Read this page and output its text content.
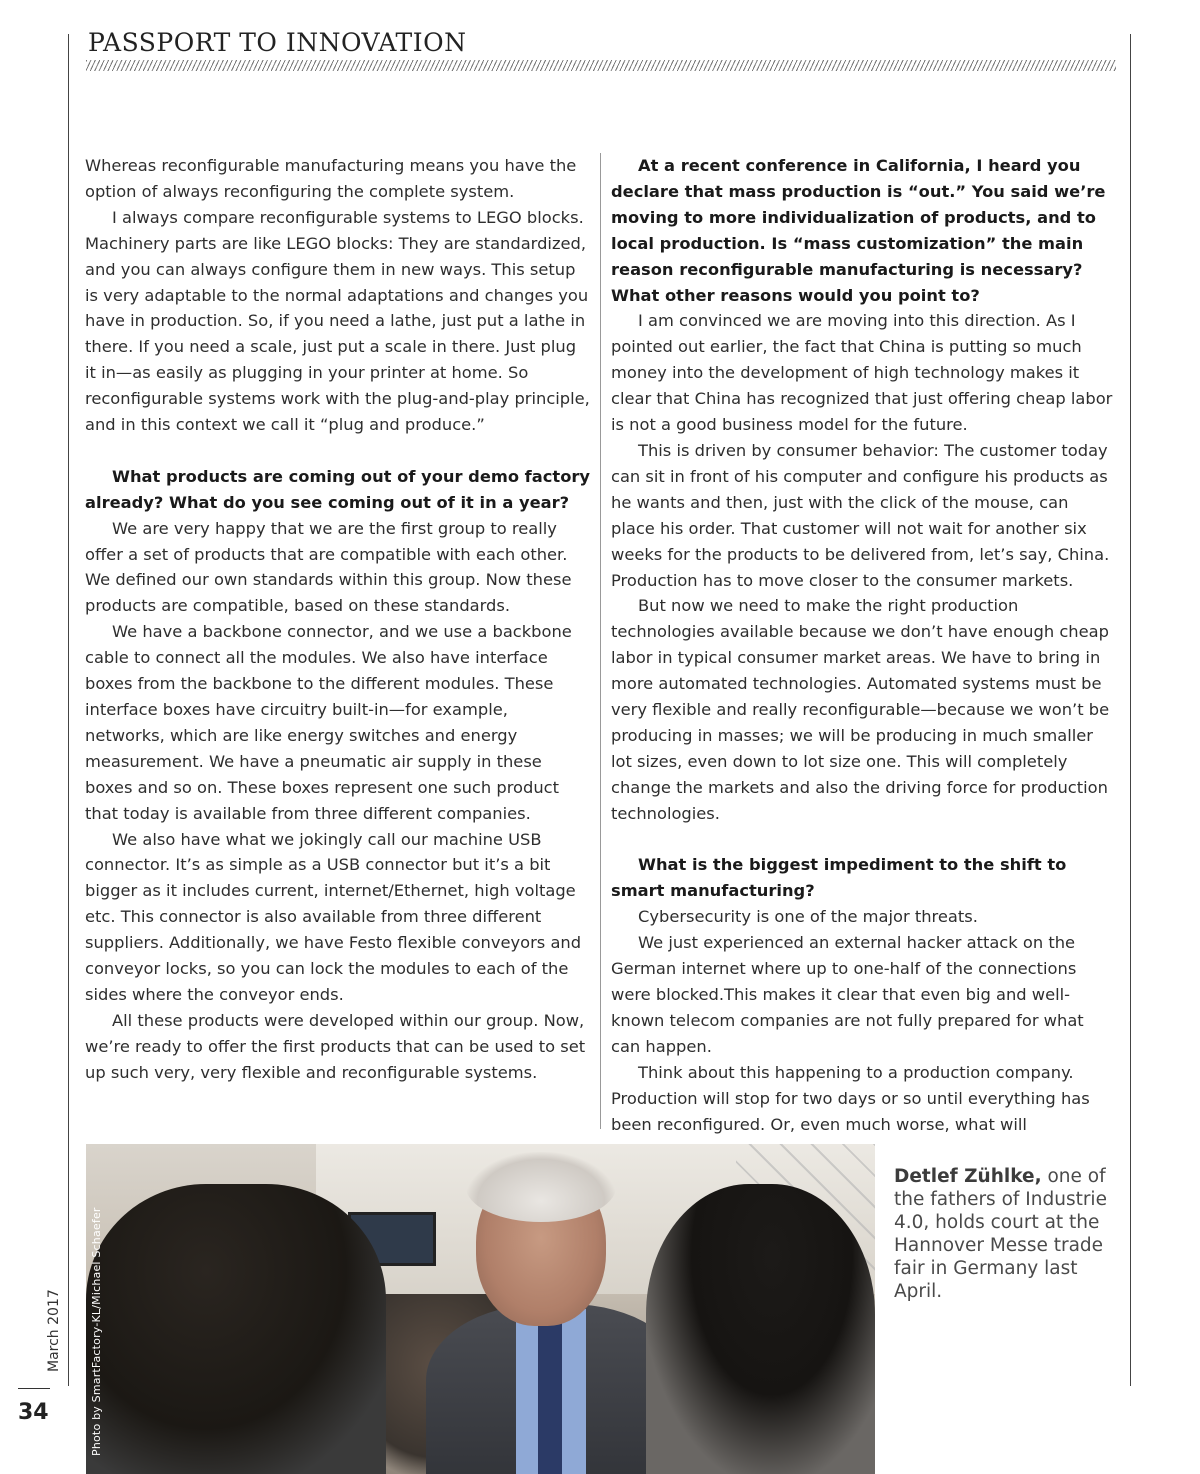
PASSPORT TO INNOVATION

Whereas reconfigurable manufacturing means you have the option of always reconfiguring the complete system.

I always compare reconfigurable systems to LEGO blocks. Machinery parts are like LEGO blocks: They are standardized, and you can always configure them in new ways. This setup is very adaptable to the normal adaptations and changes you have in production. So, if you need a lathe, just put a lathe in there. If you need a scale, just put a scale in there. Just plug it in—as easily as plugging in your printer at home. So reconfigurable systems work with the plug-and-play principle, and in this context we call it “plug and produce.”

What products are coming out of your demo factory already? What do you see coming out of it in a year?

We are very happy that we are the first group to really offer a set of products that are compatible with each other. We defined our own standards within this group. Now these products are compatible, based on these standards.

We have a backbone connector, and we use a backbone cable to connect all the modules. We also have interface boxes from the backbone to the different modules. These interface boxes have circuitry built-in—for example, networks, which are like energy switches and energy measurement. We have a pneumatic air supply in these boxes and so on. These boxes represent one such product that today is available from three different companies.

We also have what we jokingly call our machine USB connector. It’s as simple as a USB connector but it’s a bit bigger as it includes current, internet/Ethernet, high voltage etc. This connector is also available from three different suppliers. Additionally, we have Festo flexible conveyors and conveyor locks, so you can lock the modules to each of the sides where the conveyor ends.

All these products were developed within our group. Now, we’re ready to offer the first products that can be used to set up such very, very flexible and reconfigurable systems.

At a recent conference in California, I heard you declare that mass production is “out.” You said we’re moving to more individualization of products, and to local production. Is “mass customization” the main reason reconfigurable manufacturing is necessary? What other reasons would you point to?

I am convinced we are moving into this direction. As I pointed out earlier, the fact that China is putting so much money into the development of high technology makes it clear that China has recognized that just offering cheap labor is not a good business model for the future.

This is driven by consumer behavior: The customer today can sit in front of his computer and configure his products as he wants and then, just with the click of the mouse, can place his order. That customer will not wait for another six weeks for the products to be delivered from, let’s say, China. Production has to move closer to the consumer markets.

But now we need to make the right production technologies available because we don’t have enough cheap labor in typical consumer market areas. We have to bring in more automated technologies. Automated systems must be very flexible and really reconfigurable—because we won’t be producing in masses; we will be producing in much smaller lot sizes, even down to lot size one. This will completely change the markets and also the driving force for production technologies.

What is the biggest impediment to the shift to smart manufacturing?

Cybersecurity is one of the major threats.

We just experienced an external hacker attack on the German internet where up to one-half of the connections were blocked.This makes it clear that even big and well-known telecom companies are not fully prepared for what can happen.

Think about this happening to a production company. Production will stop for two days or so until everything has been reconfigured. Or, even much worse, what will

Photo by SmartFactory-KL/Michael Schaefer
Detlef Zühlke, one of the fathers of Industrie 4.0, holds court at the Hannover Messe trade fair in Germany last April.
March 2017
34
